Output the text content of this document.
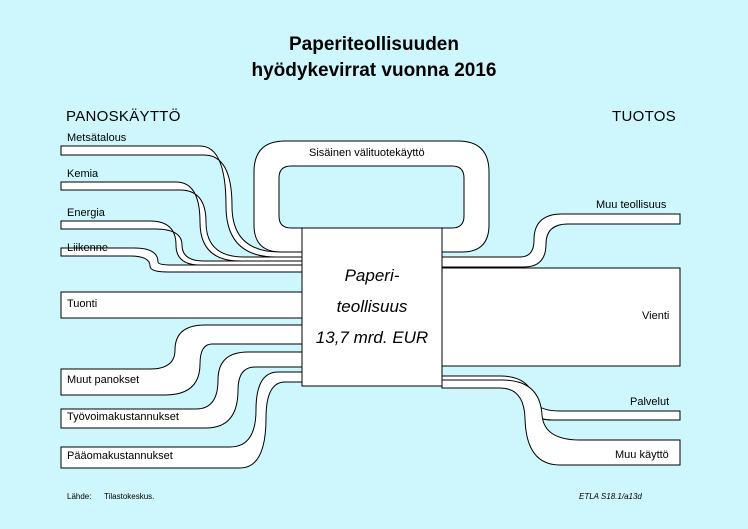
Paperiteollisuuden
hyödykevirrat vuonna 2016
PANOSKÄYTTÖ	TUOTOS
Sisäinen välituotekäyttö
Metsätalous
Kemia
Energia
Liikenne
Tuonti
Muut panokset
Työvoimakustannukset
Pääomakustannukset
Muu teollisuus
Vienti
Palvelut
Muu käyttö
Paperi-
teollisuus
13,7 mrd. EUR
Lähde: Tilastokeskus.	ETLA S18.1/a13d
